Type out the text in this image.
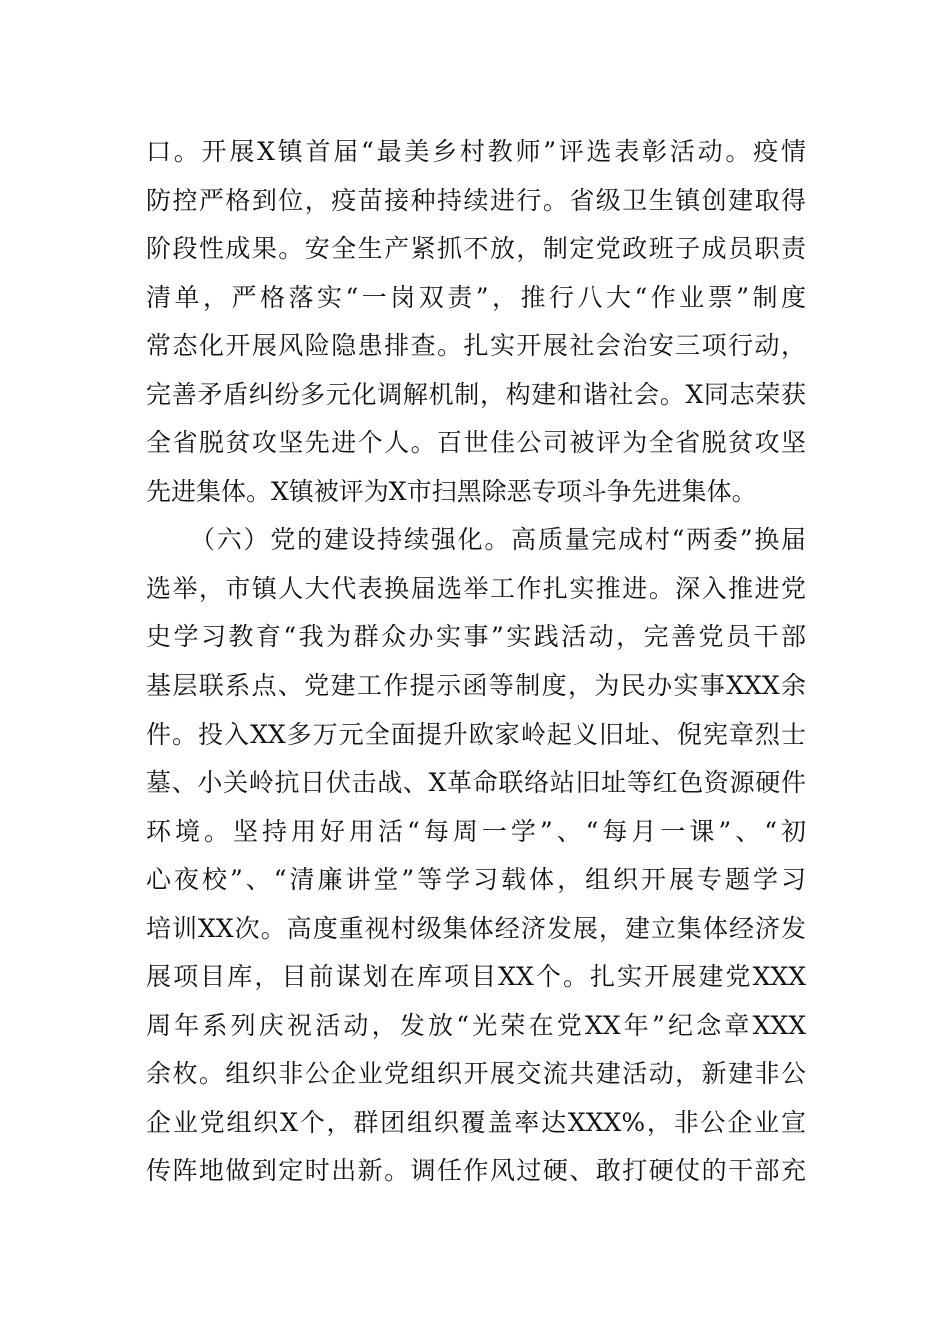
口。开展X镇首届“最美乡村教师”评选表彰活动。疫情
防控严格到位，疫苗接种持续进行。省级卫生镇创建取得
阶段性成果。安全生产紧抓不放，制定党政班子成员职责
清单，严格落实“一岗双责”，推行八大“作业票”制度
常态化开展风险隐患排查。扎实开展社会治安三项行动，
完善矛盾纠纷多元化调解机制，构建和谐社会。X同志荣获
全省脱贫攻坚先进个人。百世佳公司被评为全省脱贫攻坚
先进集体。X镇被评为X市扫黑除恶专项斗争先进集体。
（六）党的建设持续强化。高质量完成村“两委”换届
选举，市镇人大代表换届选举工作扎实推进。深入推进党
史学习教育“我为群众办实事”实践活动，完善党员干部
基层联系点、党建工作提示函等制度，为民办实事XXX余
件。投入XX多万元全面提升欧家岭起义旧址、倪宪章烈士
墓、小关岭抗日伏击战、X革命联络站旧址等红色资源硬件
环境。坚持用好用活“每周一学”、“每月一课”、“初
心夜校”、“清廉讲堂”等学习载体，组织开展专题学习
培训XX次。高度重视村级集体经济发展，建立集体经济发
展项目库，目前谋划在库项目XX个。扎实开展建党XXX
周年系列庆祝活动，发放“光荣在党XX年”纪念章XXX
余枚。组织非公企业党组织开展交流共建活动，新建非公
企业党组织X个，群团组织覆盖率达XXX%，非公企业宣
传阵地做到定时出新。调任作风过硬、敢打硬仗的干部充
